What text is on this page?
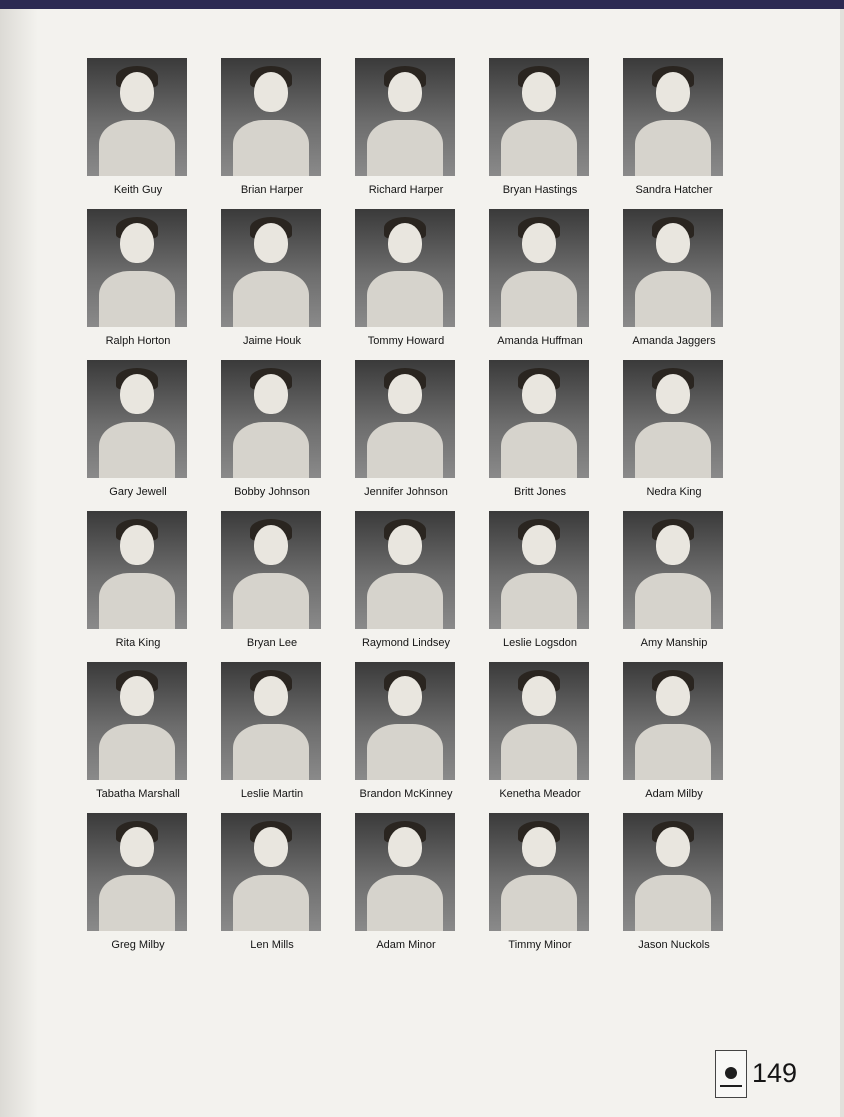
Keith Guy	Brian Harper	Richard Harper	Bryan Hastings	Sandra Hatcher
Ralph Horton	Jaime Houk	Tommy Howard	Amanda Huffman	Amanda Jaggers
Gary Jewell	Bobby Johnson	Jennifer Johnson	Britt Jones	Nedra King
Rita King	Bryan Lee	Raymond Lindsey	Leslie Logsdon	Amy Manship
Tabatha Marshall	Leslie Martin	Brandon McKinney	Kenetha Meador	Adam Milby
Greg Milby	Len Mills	Adam Minor	Timmy Minor	Jason Nuckols
149
